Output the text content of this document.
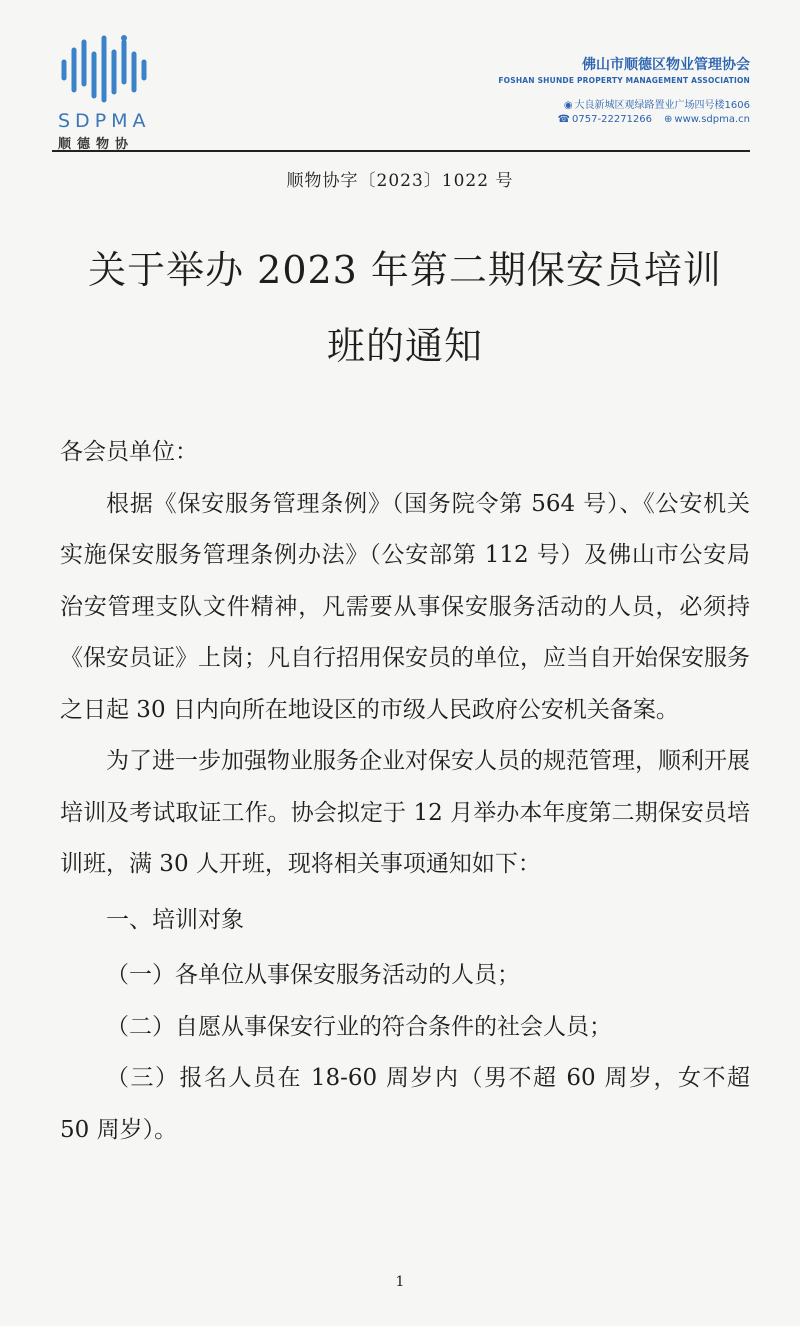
SDPMA
顺德物协
佛山市顺德区物业管理协会
FOSHAN SHUNDE PROPERTY MANAGEMENT ASSOCIATION
◉ 大良新城区观绿路置业广场四号楼1606
☎ 0757-22271266 ⊕ www.sdpma.cn
顺物协字〔2023〕1022 号
关于举办 2023 年第二期保安员培训
班的通知

各会员单位：

根据《保安服务管理条例》（国务院令第 564 号）、《公安机关实施保安服务管理条例办法》（公安部第 112 号）及佛山市公安局治安管理支队文件精神，凡需要从事保安服务活动的人员，必须持《保安员证》上岗；凡自行招用保安员的单位，应当自开始保安服务之日起 30 日内向所在地设区的市级人民政府公安机关备案。

为了进一步加强物业服务企业对保安人员的规范管理，顺利开展培训及考试取证工作。协会拟定于 12 月举办本年度第二期保安员培训班，满 30 人开班，现将相关事项通知如下：

一、培训对象

（一）各单位从事保安服务活动的人员；

（二）自愿从事保安行业的符合条件的社会人员；

（三）报名人员在 18-60 周岁内（男不超 60 周岁，女不超 50 周岁）。

1
